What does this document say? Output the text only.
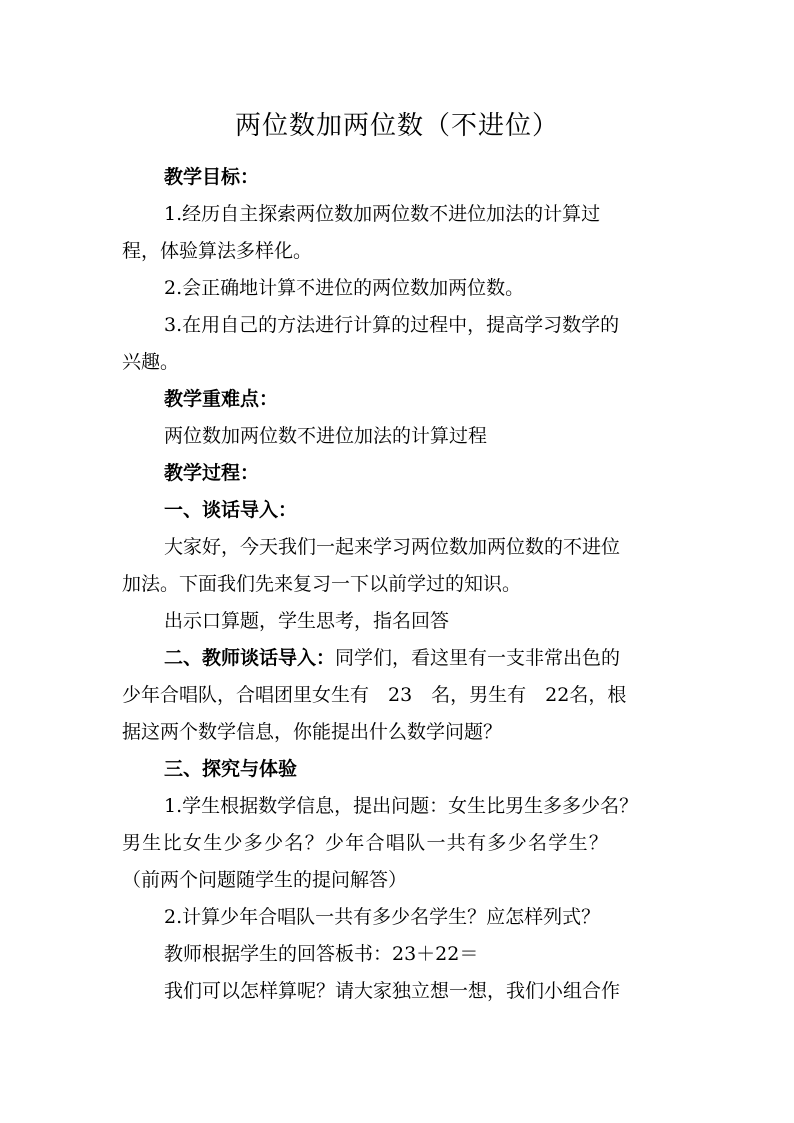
两位数加两位数（不进位）
教学目标：
1.经历自主探索两位数加两位数不进位加法的计算过
程，体验算法多样化。
2.会正确地计算不进位的两位数加两位数。
3.在用自己的方法进行计算的过程中，提高学习数学的
兴趣。
教学重难点：
两位数加两位数不进位加法的计算过程
教学过程：
一、谈话导入：
大家好，今天我们一起来学习两位数加两位数的不进位
加法。下面我们先来复习一下以前学过的知识。
出示口算题，学生思考，指名回答
二、教师谈话导入：同学们，看这里有一支非常出色的
少年合唱队，合唱团里女生有　23　名，男生有　22名，根
据这两个数学信息，你能提出什么数学问题？
三、探究与体验
1.学生根据数学信息，提出问题：女生比男生多多少名？
男生比女生少多少名？少年合唱队一共有多少名学生？
（前两个问题随学生的提问解答）
2.计算少年合唱队一共有多少名学生？应怎样列式？
教师根据学生的回答板书：23＋22＝
我们可以怎样算呢？请大家独立想一想，我们小组合作
